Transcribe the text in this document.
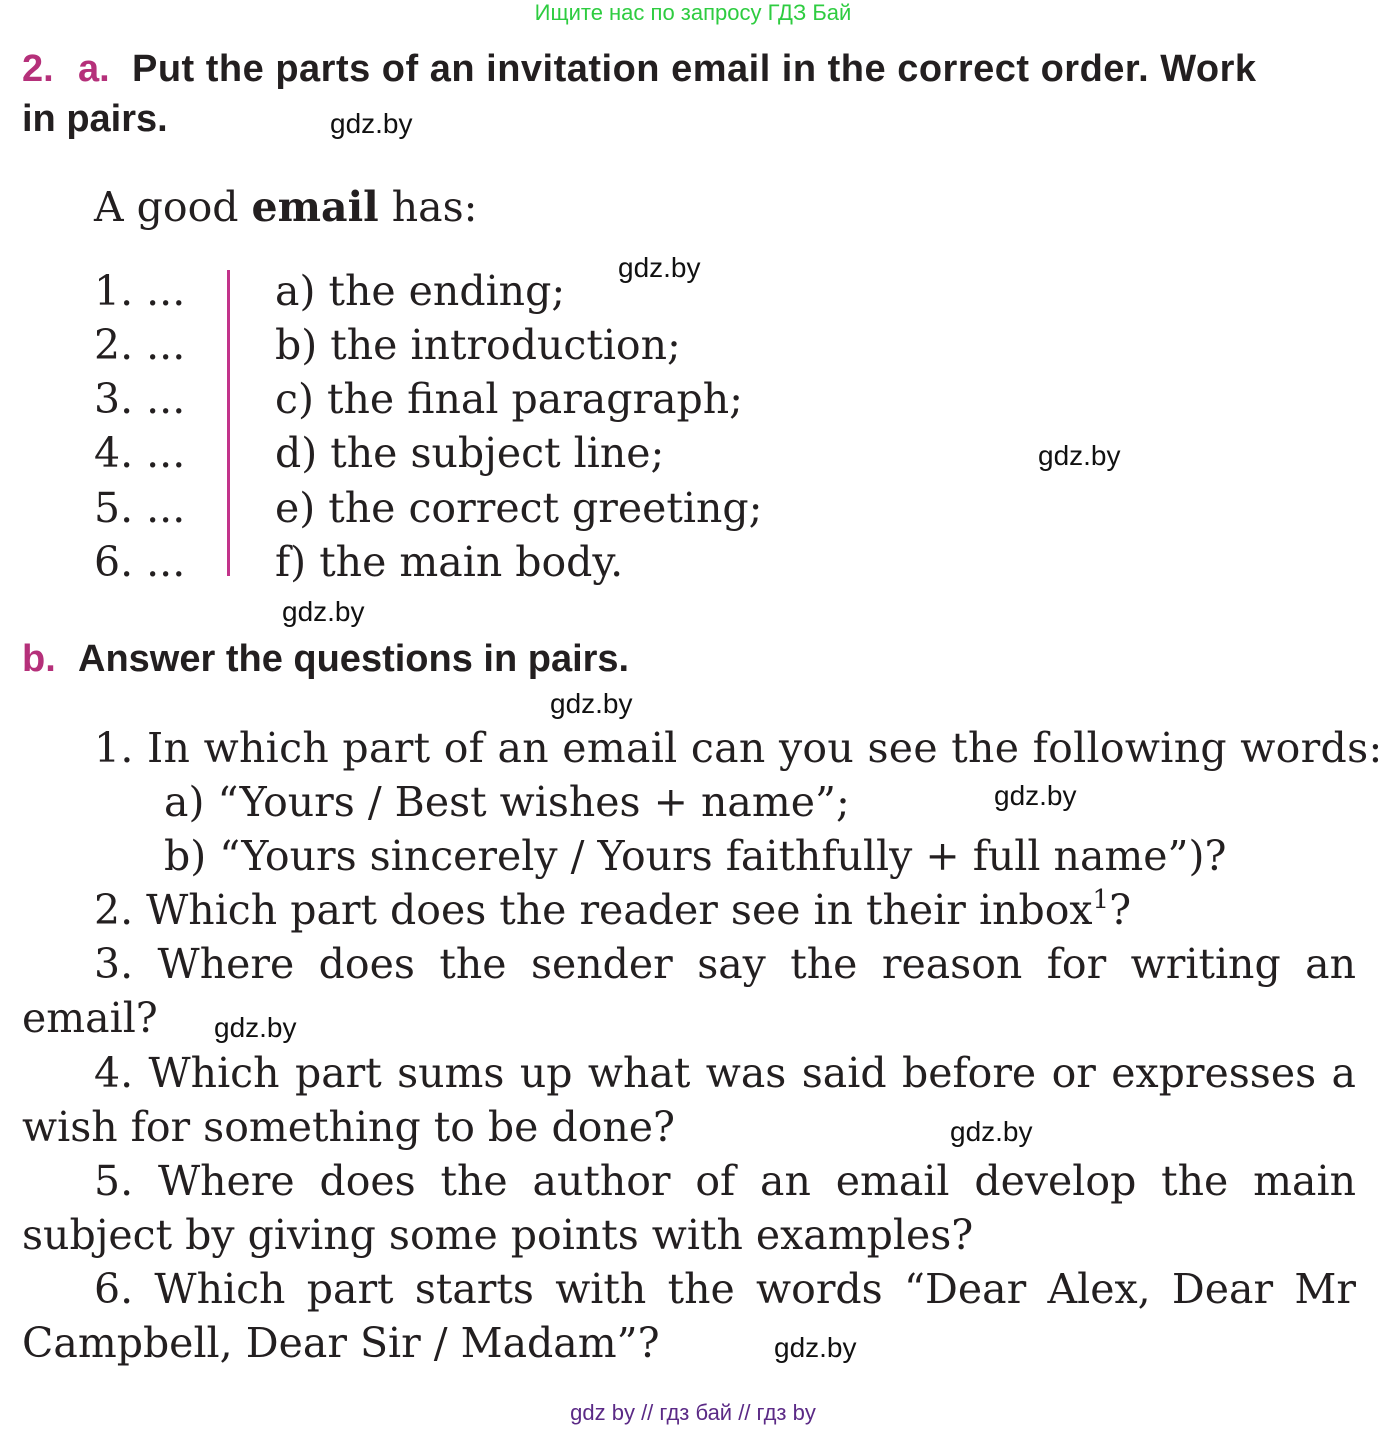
Ищите нас по запросу ГДЗ Бай
2. a. Put the parts of an invitation email in the correct order. Work
in pairs.
A good email has:
1. ...
2. ...
3. ...
4. ...
5. ...
6. ...
a) the ending;
b) the introduction;
c) the final paragraph;
d) the subject line;
e) the correct greeting;
f) the main body.
b. Answer the questions in pairs.
1. In which part of an email can you see the following words:
a) “Yours / Best wishes + name”;
b) “Yours sincerely / Yours faithfully + full name”)?
2. Which part does the reader see in their inbox$^1$?
3. Where does the sender say the reason for writing an
email?
4. Which part sums up what was said before or expresses a
wish for something to be done?
5. Where does the author of an email develop the main
subject by giving some points with examples?
6. Which part starts with the words “Dear Alex, Dear Mr
Campbell, Dear Sir / Madam”?
gdz.by
gdz.by
gdz.by
gdz.by
gdz.by
gdz.by
gdz.by
gdz.by
gdz.by
gdz by // гдз бай // гдз by
